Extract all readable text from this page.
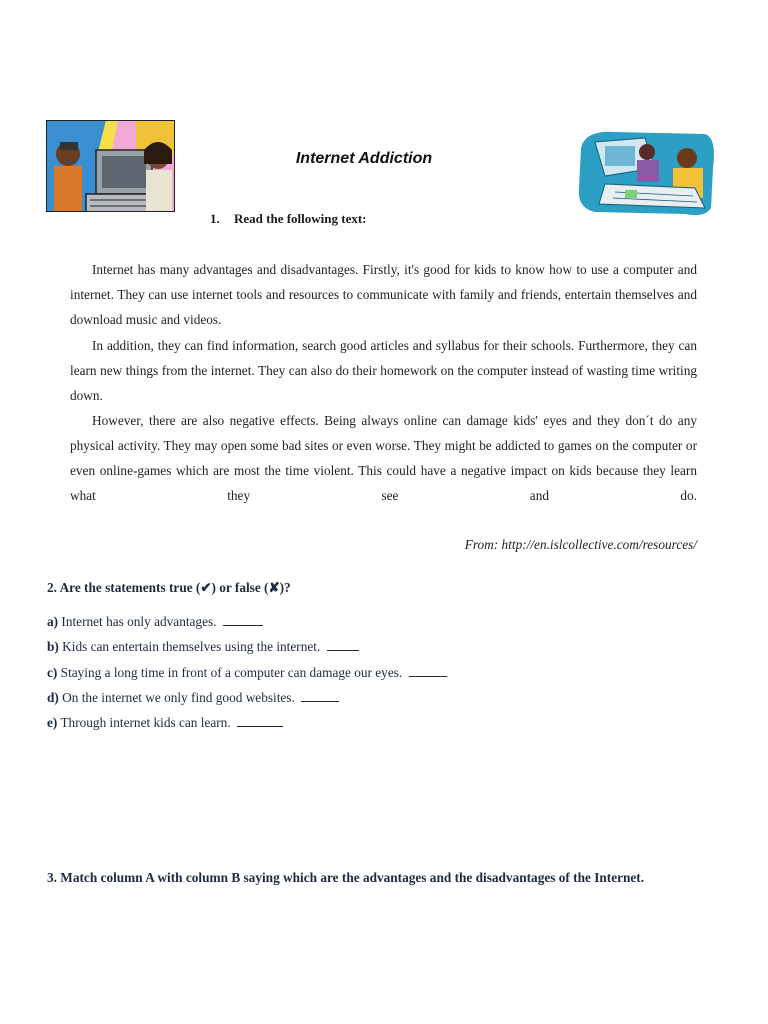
Internet Addiction
1. Read the following text:

Internet has many advantages and disadvantages. Firstly, it's good for kids to know how to use a computer and internet. They can use internet tools and resources to communicate with family and friends, entertain themselves and download music and videos.

In addition, they can find information, search good articles and syllabus for their schools. Furthermore, they can learn new things from the internet. They can also do their homework on the computer instead of wasting time writing down.

However, there are also negative effects. Being always online can damage kids' eyes and they don´t do any physical activity. They may open some bad sites or even worse. They might be addicted to games on the computer or even online-games which are most the time violent. This could have a negative impact on kids because they learn what they see and do.

From: http://en.islcollective.com/resources/
2. Are the statements true (✔) or false (✘)?
a) Internet has only advantages.
b) Kids can entertain themselves using the internet.
c) Staying a long time in front of a computer can damage our eyes.
d) On the internet we only find good websites.
e) Through internet kids can learn.
3. Match column A with column B saying which are the advantages and the disadvantages of the Internet.
